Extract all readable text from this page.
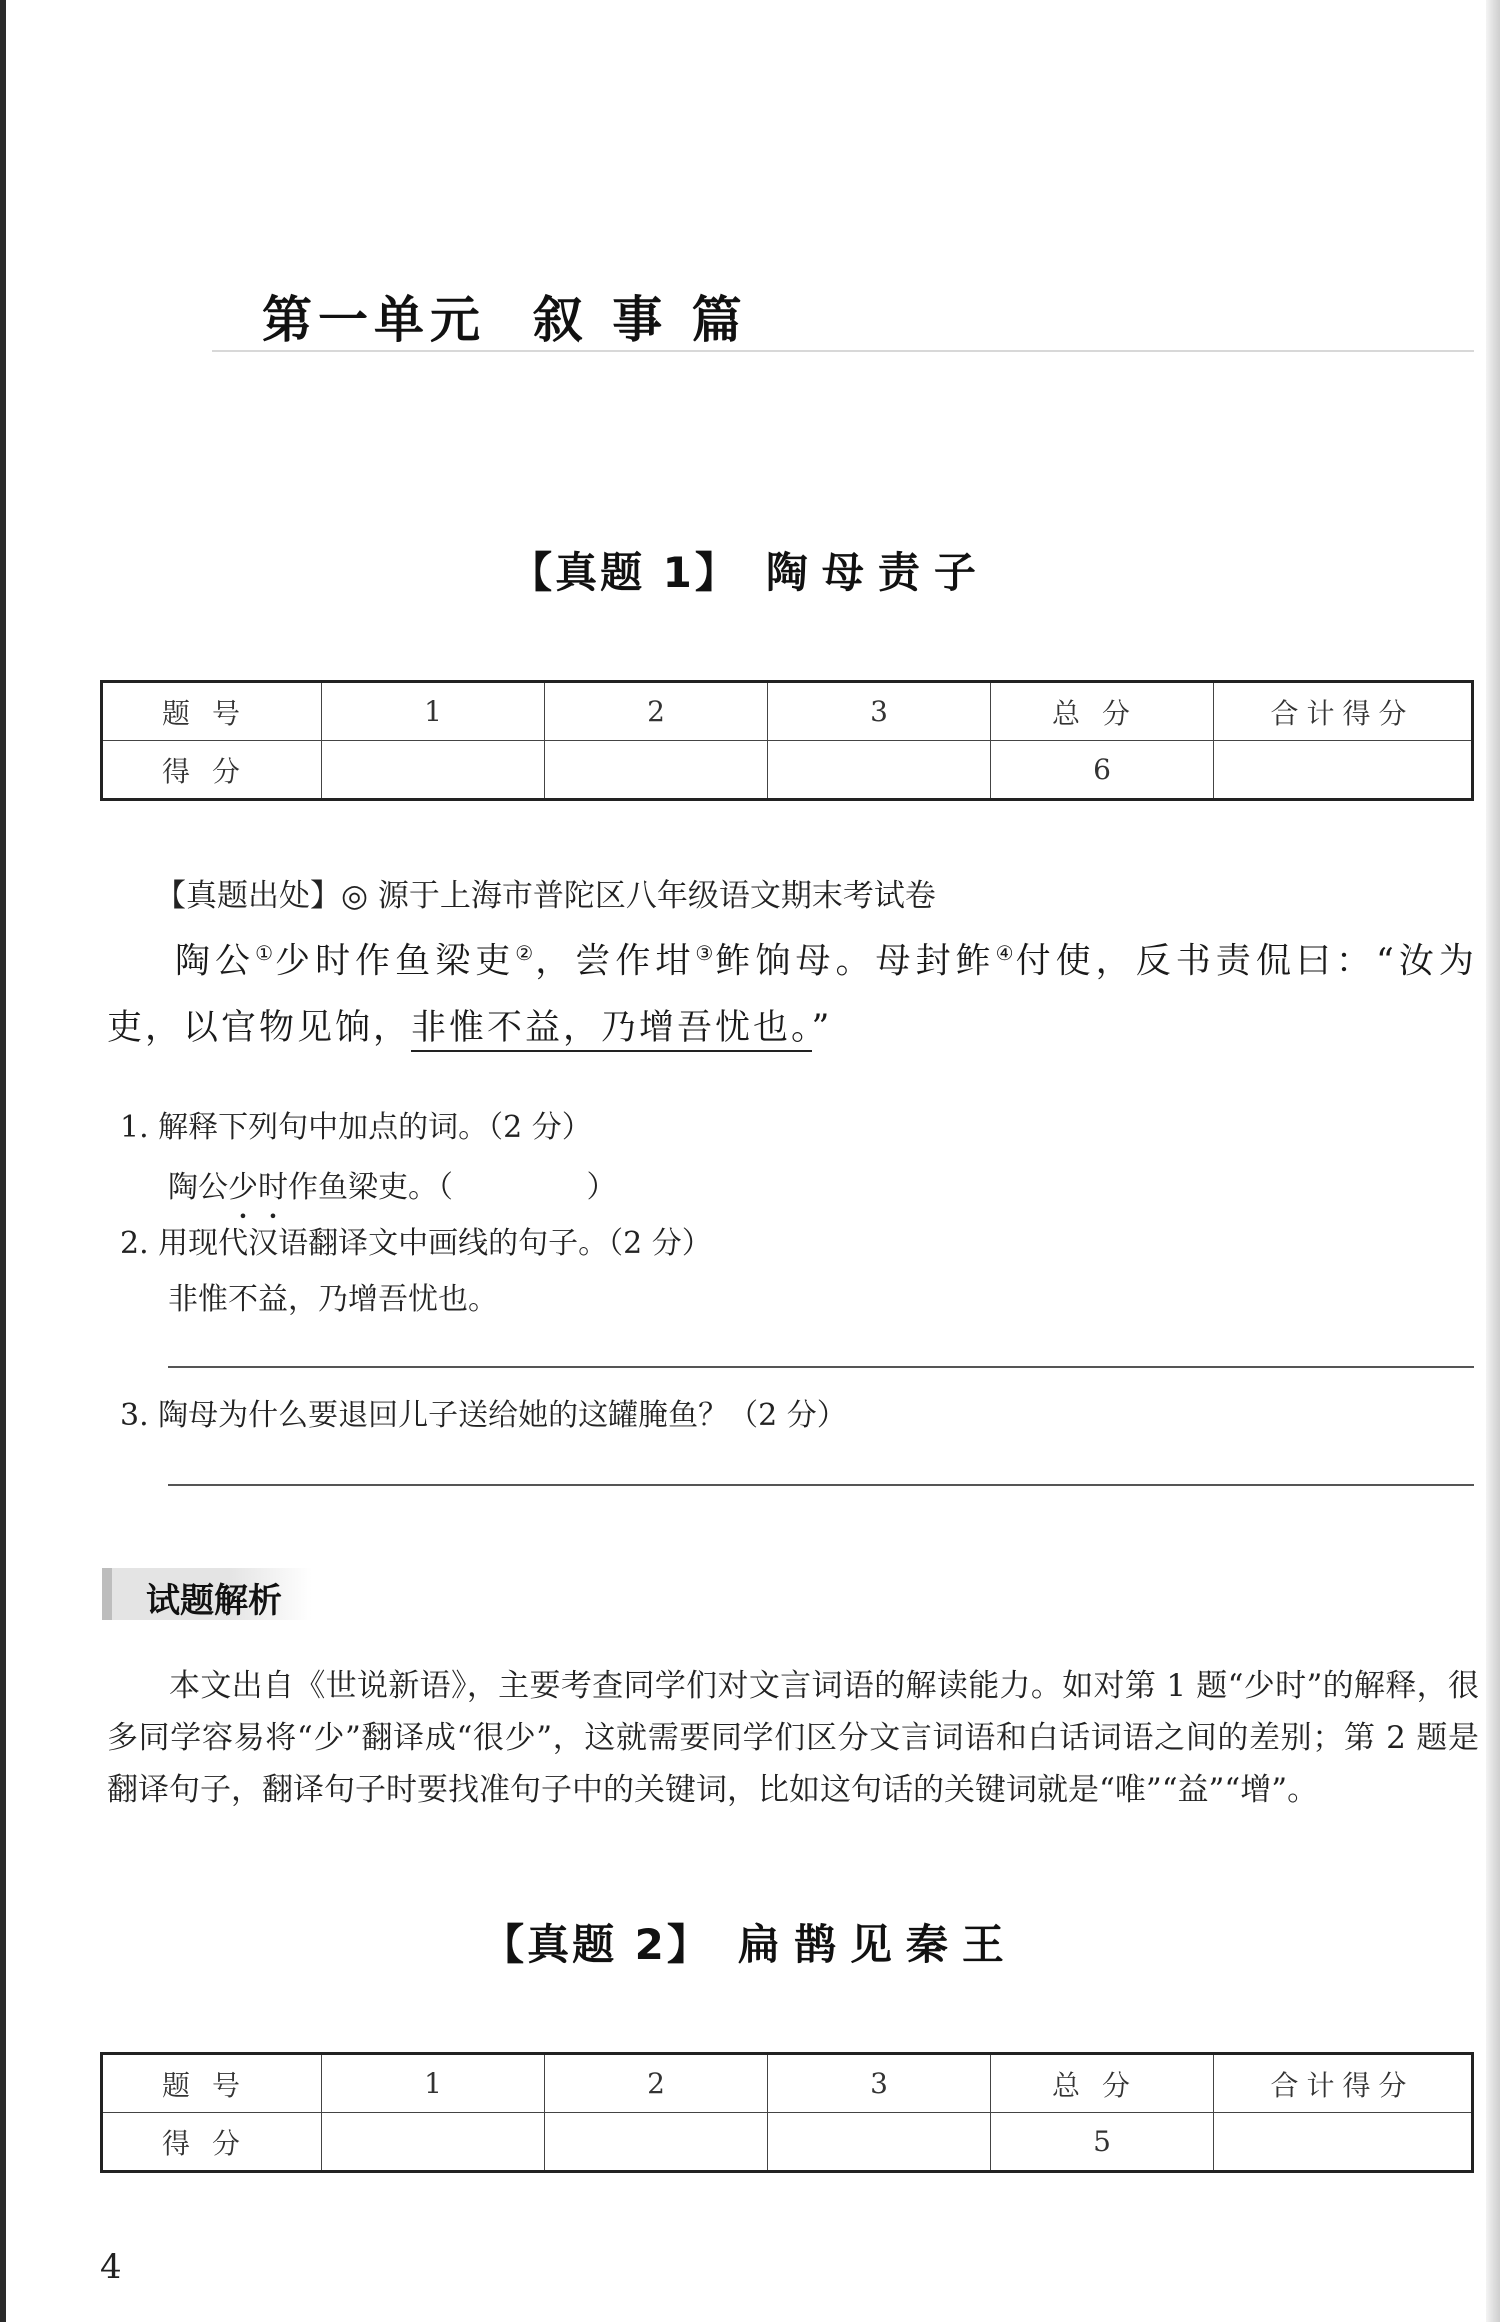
第一单元  叙 事 篇
【真题 1】 陶母责子
题号	1	2	3	总分	合计得分
得分				6	
【真题出处】◎ 源于上海市普陀区八年级语文期末考试卷
陶公①少时作鱼梁吏②，尝作坩③鲊饷母。母封鲊④付使，反书责侃曰：“汝为吏，以官物见饷，非惟不益，乃增吾忧也。”
1. 解释下列句中加点的词。（2 分）
陶公少时作鱼梁吏。（	）
2. 用现代汉语翻译文中画线的句子。（2 分）
非惟不益，乃增吾忧也。
3. 陶母为什么要退回儿子送给她的这罐腌鱼？（2 分）
试题解析
本文出自《世说新语》，主要考查同学们对文言词语的解读能力。如对第 1 题“少时”的解释，很多同学容易将“少”翻译成“很少”，这就需要同学们区分文言词语和白话词语之间的差别；第 2 题是翻译句子，翻译句子时要找准句子中的关键词，比如这句话的关键词就是“唯”“益”“增”。
【真题 2】 扁鹊见秦王
题号	1	2	3	总分	合计得分
得分				5	
4
